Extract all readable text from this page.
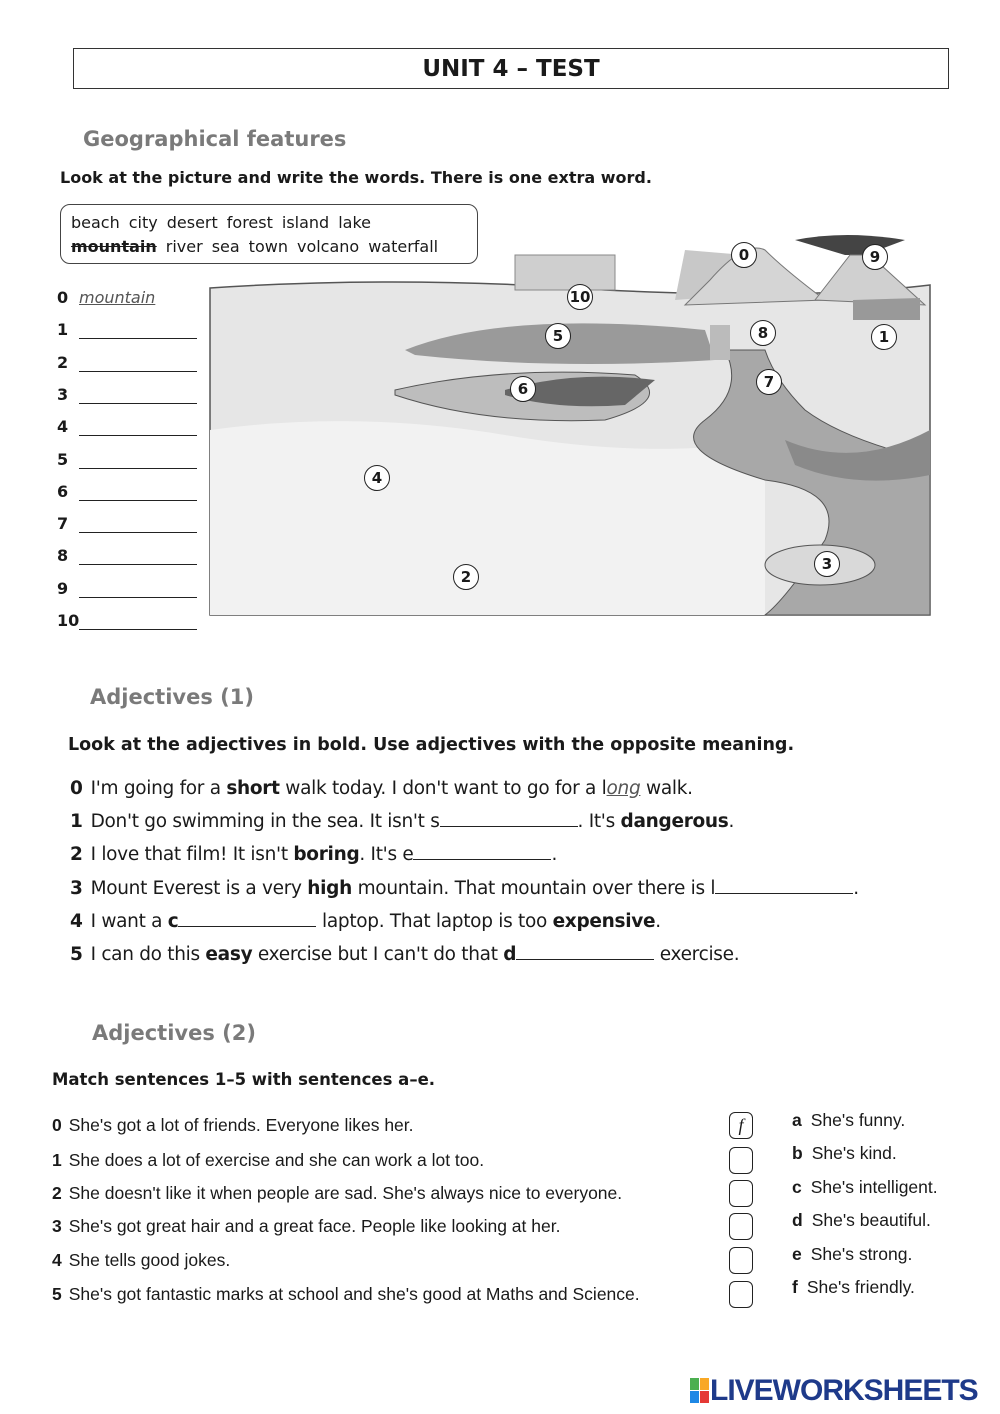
UNIT 4 – TEST
Geographical features
Look at the picture and write the words. There is one extra word.
beach city desert forest island lake
mountain river sea town volcano waterfall
Adjectives (1)
Look at the adjectives in bold. Use adjectives with the opposite meaning.
Adjectives (2)
Match sentences 1–5 with sentences a–e.
LIVEWORKSHEETS
0 mountain
1
2
3
4
5
6
7
8
9
10
0
1
2
3
4
5
6	7
8
9
10
0 I'm going for a short walk today. I don't want to go for a long walk.
1 Don't go swimming in the sea. It isn't s	. It's dangerous.
2 I love that film! It isn't boring. It's e	.
3 Mount Everest is a very high mountain. That mountain over there is l	.
4 I want a c	laptop. That laptop is too expensive.
5 I can do this easy exercise but I can't do that d	exercise.
0 She's got a lot of friends. Everyone likes her.	f
1 She does a lot of exercise and she can work a lot too.
2 She doesn't like it when people are sad. She's always nice to everyone.
3 She's got great hair and a great face. People like looking at her.
4 She tells good jokes.
5 She's got fantastic marks at school and she's good at Maths and Science.
a She's funny.
b She's kind.
c She's intelligent.
d She's beautiful.
e She's strong.
f She's friendly.
